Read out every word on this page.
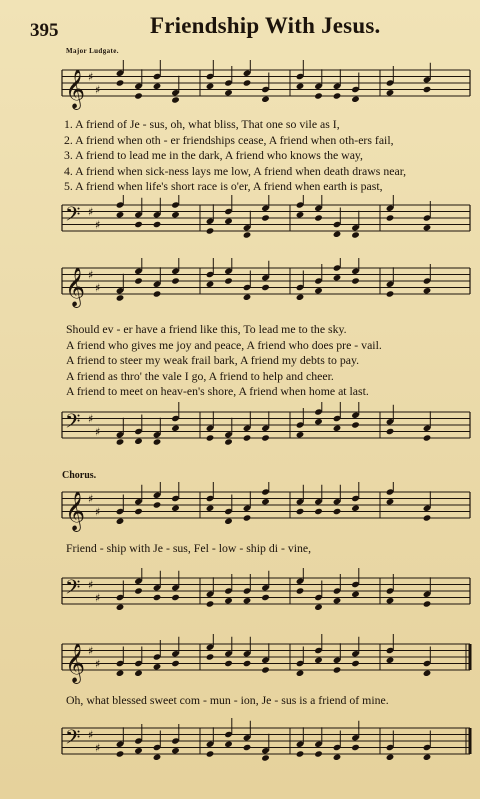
395	Friendship With Jesus.
Major Ludgate.
𝄞 ♯
♯
1. A friend of Je - sus, oh, what bliss, That one so vile as I,
2. A friend when oth - er friendships cease, A friend when oth-ers fail,
3. A friend to lead me in the dark, A friend who knows the way,
4. A friend when sick-ness lays me low, A friend when death draws near,
5. A friend when life's short race is o'er, A friend when earth is past,
𝄢 ♯
♯
𝄞 ♯
♯
Should ev - er have a friend like this, To lead me to the sky.
A friend who gives me joy and peace, A friend who does pre - vail.
A friend to steer my weak frail bark, A friend my debts to pay.
A friend as thro' the vale I go, A friend to help and cheer.
A friend to meet on heav-en's shore, A friend when home at last.
𝄢 ♯
♯
Chorus.
𝄞 ♯
♯
Friend - ship with Je - sus, Fel - low - ship di - vine,
𝄢 ♯
♯
𝄞 ♯
♯
Oh, what blessed sweet com - mun - ion, Je - sus is a friend of mine.
𝄢 ♯
♯
